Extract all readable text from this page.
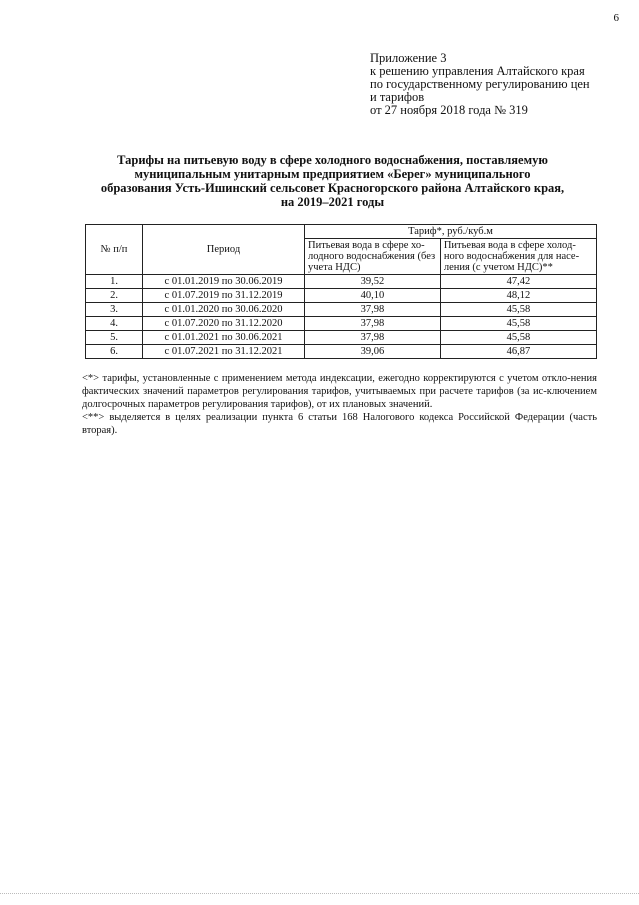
6
Приложение 3
к решению управления Алтайского края
по государственному регулированию цен
и тарифов
от 27 ноября 2018 года № 319
Тарифы на питьевую воду в сфере холодного водоснабжения, поставляемую
муниципальным унитарным предприятием «Берег» муниципального
образования Усть-Ишинский сельсовет Красногорского района Алтайского края,
на 2019–2021 годы
№ п/п	Период	Тариф*, руб./куб.м	
		Питьевая вода в сфере хо-лодного водоснабжения (без учета НДС)	Питьевая вода в сфере холод-ного водоснабжения для насе-ления (с учетом НДС)**
1.	с 01.01.2019 по 30.06.2019	39,52	47,42
2.	с 01.07.2019 по 31.12.2019	40,10	48,12
3.	с 01.01.2020 по 30.06.2020	37,98	45,58
4.	с 01.07.2020 по 31.12.2020	37,98	45,58
5.	с 01.01.2021 по 30.06.2021	37,98	45,58
6.	с 01.07.2021 по 31.12.2021	39,06	46,87

<*> тарифы, установленные с применением метода индексации, ежегодно корректируются с учетом откло-нения фактических значений параметров регулирования тарифов, учитываемых при расчете тарифов (за ис-ключением долгосрочных параметров регулирования тарифов), от их плановых значений.

<**> выделяется в целях реализации пункта 6 статьи 168 Налогового кодекса Российской Федерации (часть вторая).
